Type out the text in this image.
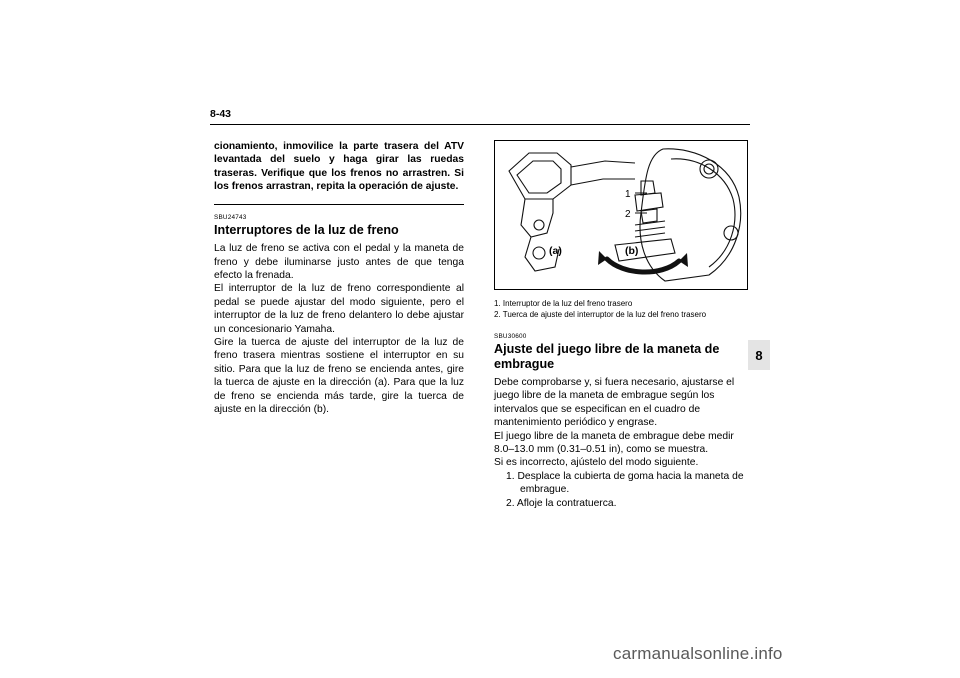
8-43
8

cionamiento, inmovilice la parte trasera del ATV levantada del suelo y haga girar las ruedas traseras. Verifique que los frenos no arrastren. Si los frenos arrastran, repita la operación de ajuste.

SBU24743

Interruptores de la luz de freno

La luz de freno se activa con el pedal y la maneta de freno y debe iluminarse justo antes de que tenga efecto la frenada.

El interruptor de la luz de freno correspondiente al pedal se puede ajustar del modo siguiente, pero el interruptor de la luz de freno delantero lo debe ajustar un concesionario Yamaha.

Gire la tuerca de ajuste del interruptor de la luz de freno trasera mientras sostiene el interruptor en su sitio. Para que la luz de freno se encienda antes, gire la tuerca de ajuste en la dirección (a). Para que la luz de freno se encienda más tarde, gire la tuerca de ajuste en la dirección (b).

1
2
(a)	(b)

1. Interruptor de la luz del freno trasero

2. Tuerca de ajuste del interruptor de la luz del freno trasero

SBU30600

Ajuste del juego libre de la maneta de embrague

Debe comprobarse y, si fuera necesario, ajustarse el juego libre de la maneta de embrague según los intervalos que se especifican en el cuadro de mantenimiento periódico y engrase.

El juego libre de la maneta de embrague debe medir 8.0–13.0 mm (0.31–0.51 in), como se muestra.

Si es incorrecto, ajústelo del modo siguiente.

1. Desplace la cubierta de goma hacia la maneta de embrague.
2. Afloje la contratuerca.
carmanualsonline.info
